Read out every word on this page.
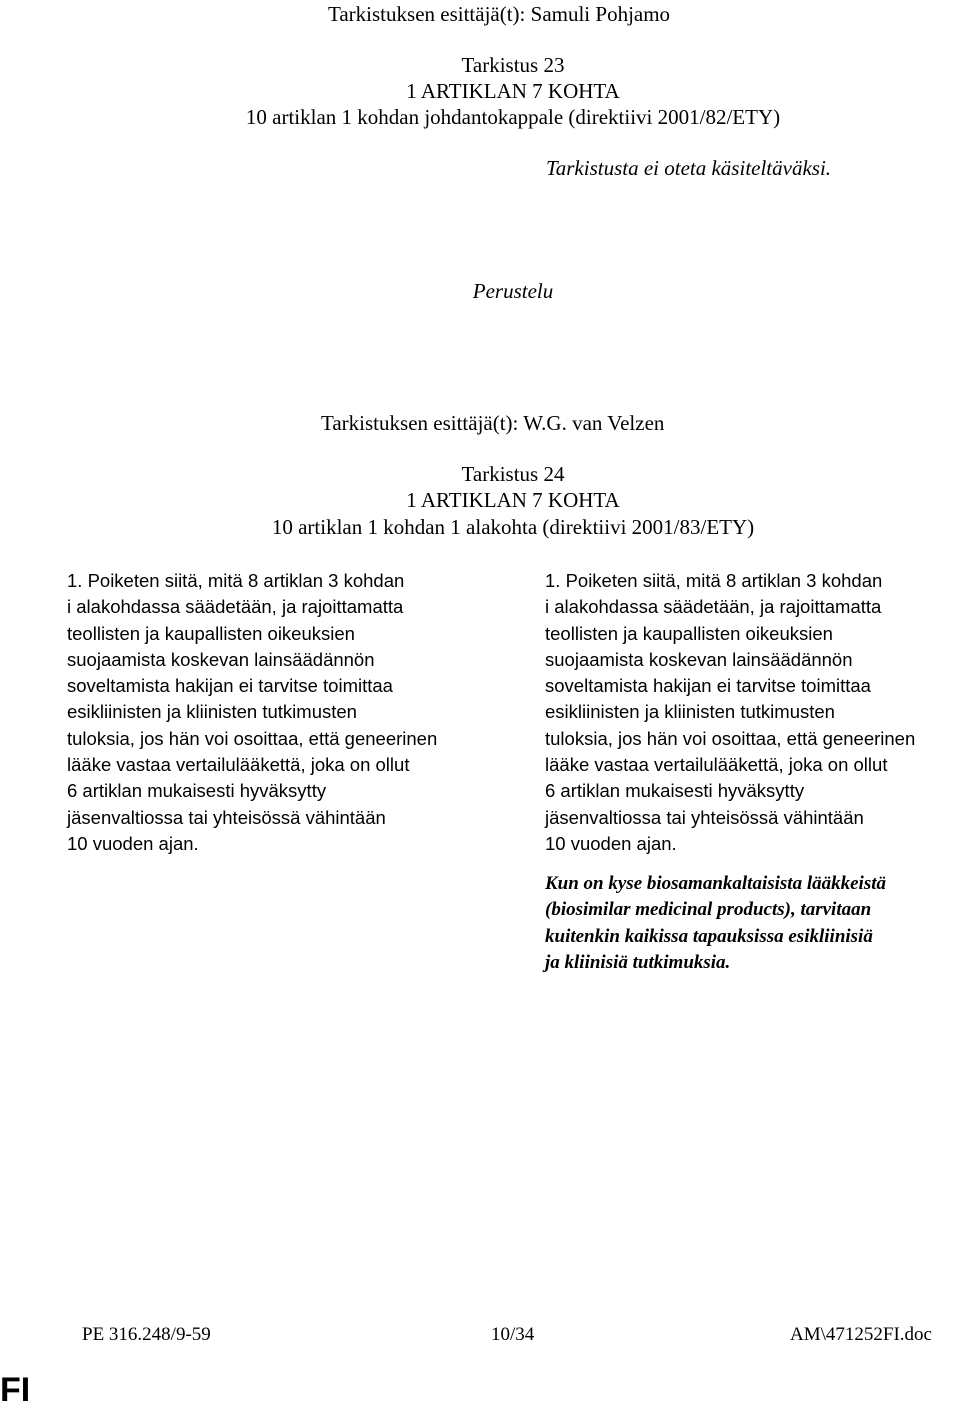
Tarkistuksen esittäjä(t): Samuli Pohjamo
Tarkistus 23
1 ARTIKLAN 7 KOHTA
10 artiklan 1 kohdan johdantokappale (direktiivi 2001/82/ETY)
Tarkistusta ei oteta käsiteltäväksi.
Perustelu
Tarkistuksen esittäjä(t): W.G. van Velzen
Tarkistus 24
1 ARTIKLAN 7 KOHTA
10 artiklan 1 kohdan 1 alakohta (direktiivi 2001/83/ETY)
1. Poiketen siitä, mitä 8 artiklan 3 kohdan
i alakohdassa säädetään, ja rajoittamatta
teollisten ja kaupallisten oikeuksien
suojaamista koskevan lainsäädännön
soveltamista hakijan ei tarvitse toimittaa
esikliinisten ja kliinisten tutkimusten
tuloksia, jos hän voi osoittaa, että geneerinen
lääke vastaa vertailulääkettä, joka on ollut
6 artiklan mukaisesti hyväksytty
jäsenvaltiossa tai yhteisössä vähintään
10 vuoden ajan.
1. Poiketen siitä, mitä 8 artiklan 3 kohdan
i alakohdassa säädetään, ja rajoittamatta
teollisten ja kaupallisten oikeuksien
suojaamista koskevan lainsäädännön
soveltamista hakijan ei tarvitse toimittaa
esikliinisten ja kliinisten tutkimusten
tuloksia, jos hän voi osoittaa, että geneerinen
lääke vastaa vertailulääkettä, joka on ollut
6 artiklan mukaisesti hyväksytty
jäsenvaltiossa tai yhteisössä vähintään
10 vuoden ajan.
Kun on kyse biosamankaltaisista lääkkeistä
(biosimilar medicinal products), tarvitaan
kuitenkin kaikissa tapauksissa esikliinisiä
ja kliinisiä tutkimuksia.
PE 316.248/9-59	10/34	AM\471252FI.doc
FI
